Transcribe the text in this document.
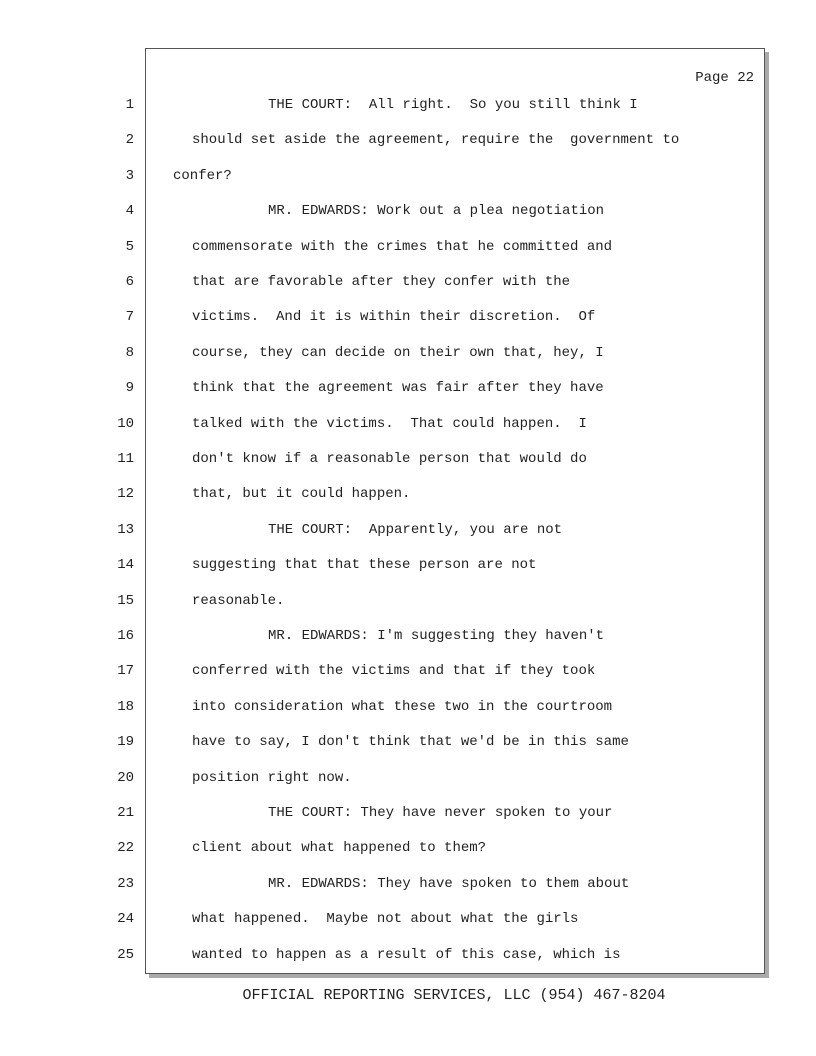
Page 22
1	THE COURT:  All right.  So you still think I
2	should set aside the agreement, require the  government to
3	confer?
4	MR. EDWARDS: Work out a plea negotiation
5	commensorate with the crimes that he committed and
6	that are favorable after they confer with the
7	victims.  And it is within their discretion.  Of
8	course, they can decide on their own that, hey, I
9	think that the agreement was fair after they have
10	talked with the victims.  That could happen.  I
11	don't know if a reasonable person that would do
12	that, but it could happen.
13	THE COURT:  Apparently, you are not
14	suggesting that that these person are not
15	reasonable.
16	MR. EDWARDS: I'm suggesting they haven't
17	conferred with the victims and that if they took
18	into consideration what these two in the courtroom
19	have to say, I don't think that we'd be in this same
20	position right now.
21	THE COURT: They have never spoken to your
22	client about what happened to them?
23	MR. EDWARDS: They have spoken to them about
24	what happened.  Maybe not about what the girls
25	wanted to happen as a result of this case, which is
OFFICIAL REPORTING SERVICES, LLC (954) 467-8204
